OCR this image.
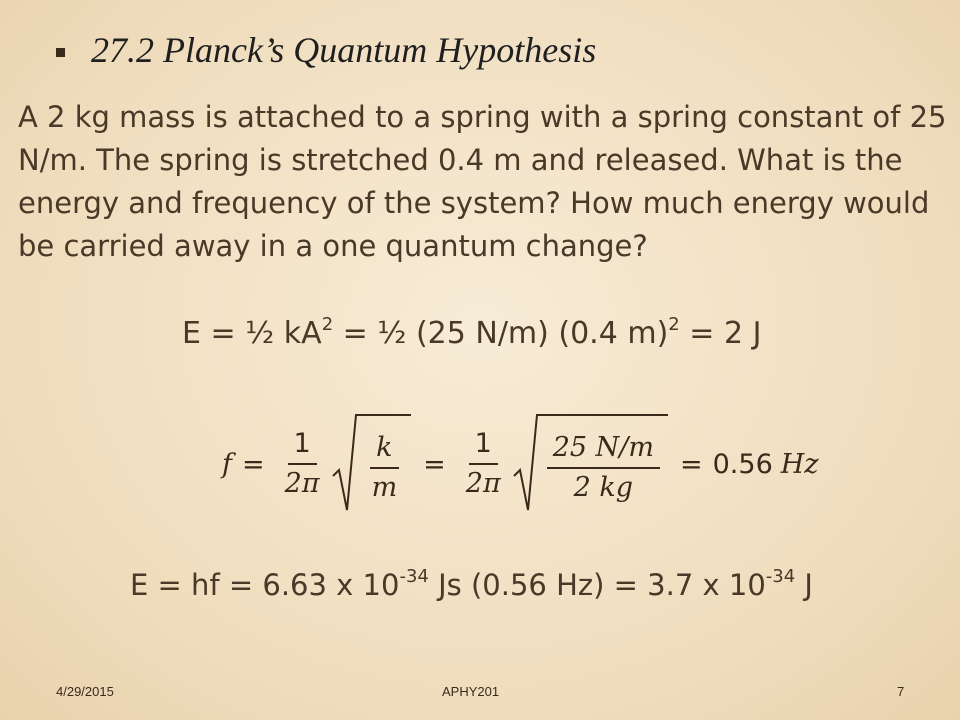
27.2 Planck’s Quantum Hypothesis
A 2 kg mass is attached to a spring with a spring constant of 25 N/m. The spring is stretched 0.4 m and released. What is the energy and frequency of the system? How much energy would be carried away in a one quantum change?
E = ½ $kA^2$ = ½ (25 N/m) (0.4 m)$^2$ = 2 J
$f = \frac{1}{2\pi} \frac{k}{m} = \frac{1}{2\pi} \frac{25 N/m}{2 kg} = 0.56$ Hz
E = hf = 6.63 x $10^{-34}$ Js (0.56 Hz) = 3.7 x $10^{-34}$ J
4/29/2015	APHY201	7
